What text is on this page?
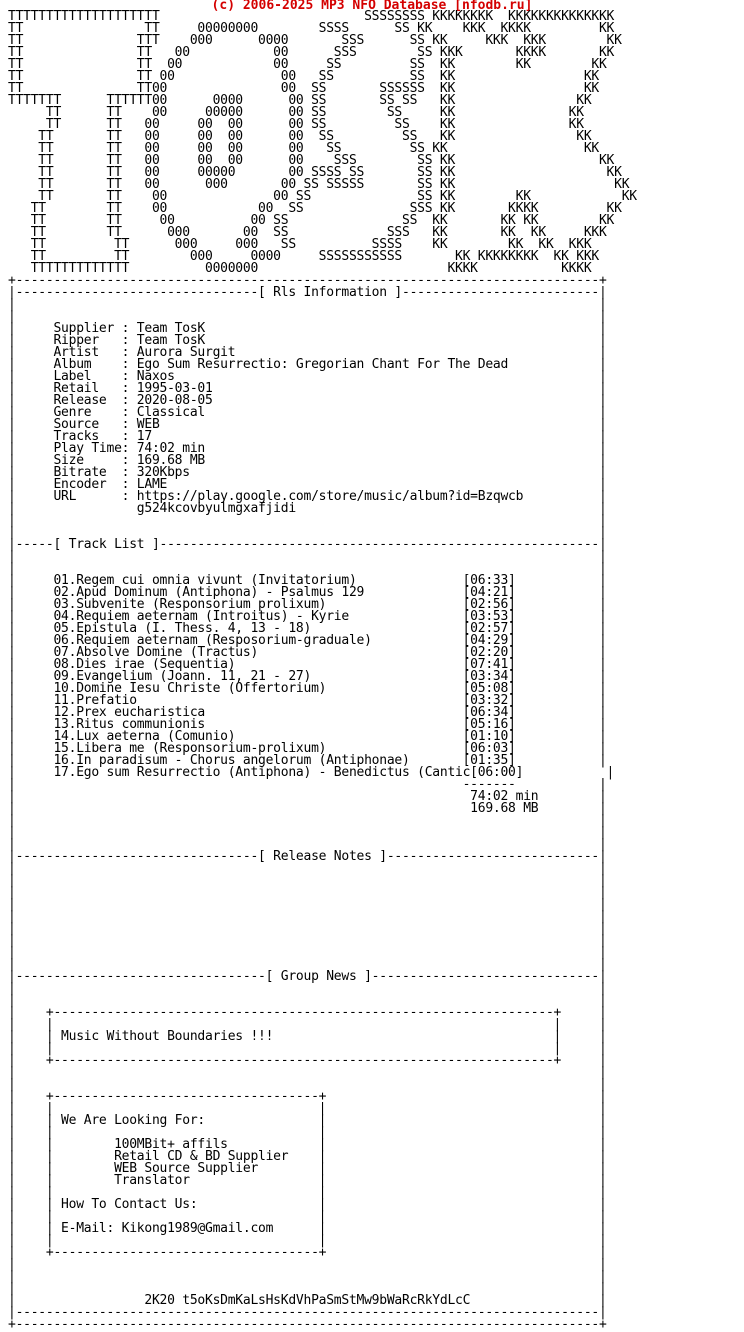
(c) 2006-2025 MP3 NFO Database [nfodb.ru]
TTTTTTTTTTTTTTTTTTTT                           SSSSSSSS KKKKKKKK  KKKKKKKKKKKKKK
TT                TT     00000000        SSSS      SS KK    KKK  KKKK         KK
TT               TTT    000      0000       SSS      SS KK     KKK  KKK        KK
TT               TT   00           00      SSS        SS KKK       KKKK       KK
TT               TT  00            00     SS         SS  KK        KK        KK
TT               TT 00              00   SS          SS  KK                 KK
TT               TT00               00  SS       SSSSSS  KK                 KK
TTTTTTT      TTTTTT00      0000      00 SS       SS SS   KK                KK
TT      TT    00     00000      00 SS        SS     KK               KK
TT      TT   00     00  00      00 SS         SS    KK               KK
TT       TT   00     00  00      00  SS         SS   KK                KK
TT       TT   00     00  00      00   SS         SS KK                  KK
TT       TT   00     00  00      00    SSS        SS KK                   KK
TT       TT   00     00000       00 SSSS SS       SS KK                    KK
TT       TT   00      000       00 SS SSSSS       SS KK                     KK
TT       TT    00              00 SS              SS KK        KK            KK
TT        TT    00            00  SS              SSS KK       KKKK         KK
TT        TT     00          00 SS               SS  KK       KK KK        KK
TT        TT      000       00  SS             SSS   KK       KK  KK     KKK
TT         TT      000     000   SS          SSSS    KK        KK  KK  KKK
TT         TT        000     0000     SSSSSSSSSSS       KK KKKKKKKK  KK KKK
TTTTTTTTTTTTT          0000000                         KKKK           KKKK
+-----------------------------------------------------------------------------+
|--------------------------------[ Rls Information ]--------------------------|
|                                                                             |
|                                                                             |
|     Supplier : Team TosK                                                    |
|     Ripper   : Team TosK                                                    |
|     Artist   : Aurora Surgit                                                |
|     Album    : Ego Sum Resurrectio: Gregorian Chant For The Dead            |
|     Label    : Naxos                                                        |
|     Retail   : 1995-03-01                                                   |
|     Release  : 2020-08-05                                                   |
|     Genre    : Classical                                                    |
|     Source   : WEB                                                          |
|     Tracks   : 17                                                           |
|     Play Time: 74:02 min                                                    |
|     Size     : 169.68 MB                                                    |
|     Bitrate  : 320Kbps                                                      |
|     Encoder  : LAME                                                         |
|     URL      : https://play.google.com/store/music/album?id=Bzqwcb          |
|                g524kcovbyulmgxafjidi                                        |
|                                                                             |
|                                                                             |
|-----[ Track List ]----------------------------------------------------------|
|                                                                             |
|                                                                             |
|     01.Regem cui omnia vivunt (Invitatorium)              [06:33]           |
|     02.Apud Dominum (Antiphona) - Psalmus 129             [04:21]           |
|     03.Subvenite (Responsorium prolixum)                  [02:56]           |
|     04.Requiem aeternam (Introitus) - Kyrie               [03:53]           |
|     05.Epistula (I. Thess. 4, 13 - 18)                    [02:57]           |
|     06.Requiem aeternam (Resposorium-graduale)            [04:29]           |
|     07.Absolve Domine (Tractus)                           [02:20]           |
|     08.Dies irae (Sequentia)                              [07:41]           |
|     09.Evangelium (Joann. 11, 21 - 27)                    [03:34]           |
|     10.Domine Iesu Christe (Offertorium)                  [05:08]           |
|     11.Prefatio                                           [03:32]           |
|     12.Prex eucharistica                                  [06:34]           |
|     13.Ritus communionis                                  [05:16]           |
|     14.Lux aeterna (Comunio)                              [01:10]           |
|     15.Libera me (Responsorium-prolixum)                  [06:03]           |
|     16.In paradisum - Chorus angelorum (Antiphonae)       [01:35]           |
|     17.Ego sum Resurrectio (Antiphona) - Benedictus (Cantic[06:00]           |
|                                                           -------           |
|                                                            74:02 min        |
|                                                            169.68 MB        |
|                                                                             |
|                                                                             |
|                                                                             |
|--------------------------------[ Release Notes ]----------------------------|
|                                                                             |
|                                                                             |
|                                                                             |
|                                                                             |
|                                                                             |
|                                                                             |
|                                                                             |
|                                                                             |
|                                                                             |
|---------------------------------[ Group News ]------------------------------|
|                                                                             |
|                                                                             |
|    +------------------------------------------------------------------+     |
|    |                                                                  |     |
|    | Music Without Boundaries !!!                                     |     |
|    |                                                                  |     |
|    +------------------------------------------------------------------+     |
|                                                                             |
|                                                                             |
|    +-----------------------------------+                                    |
|    |                                   |                                    |
|    | We Are Looking For:               |                                    |
|    |                                   |                                    |
|    |        100MBit+ affils            |                                    |
|    |        Retail CD & BD Supplier    |                                    |
|    |        WEB Source Supplier        |                                    |
|    |        Translator                 |                                    |
|    |                                   |                                    |
|    | How To Contact Us:                |                                    |
|    |                                   |                                    |
|    | E-Mail: Kikong1989@Gmail.com      |                                    |
|    |                                   |                                    |
|    +-----------------------------------+                                    |
|                                                                             |
|                                                                             |
|                                                                             |
|                 2K20 t5oKsDmKaLsHsKdVhPaSmStMw9bWaRcRkYdLcC                 |
|-----------------------------------------------------------------------------|
+-----------------------------------------------------------------------------+
